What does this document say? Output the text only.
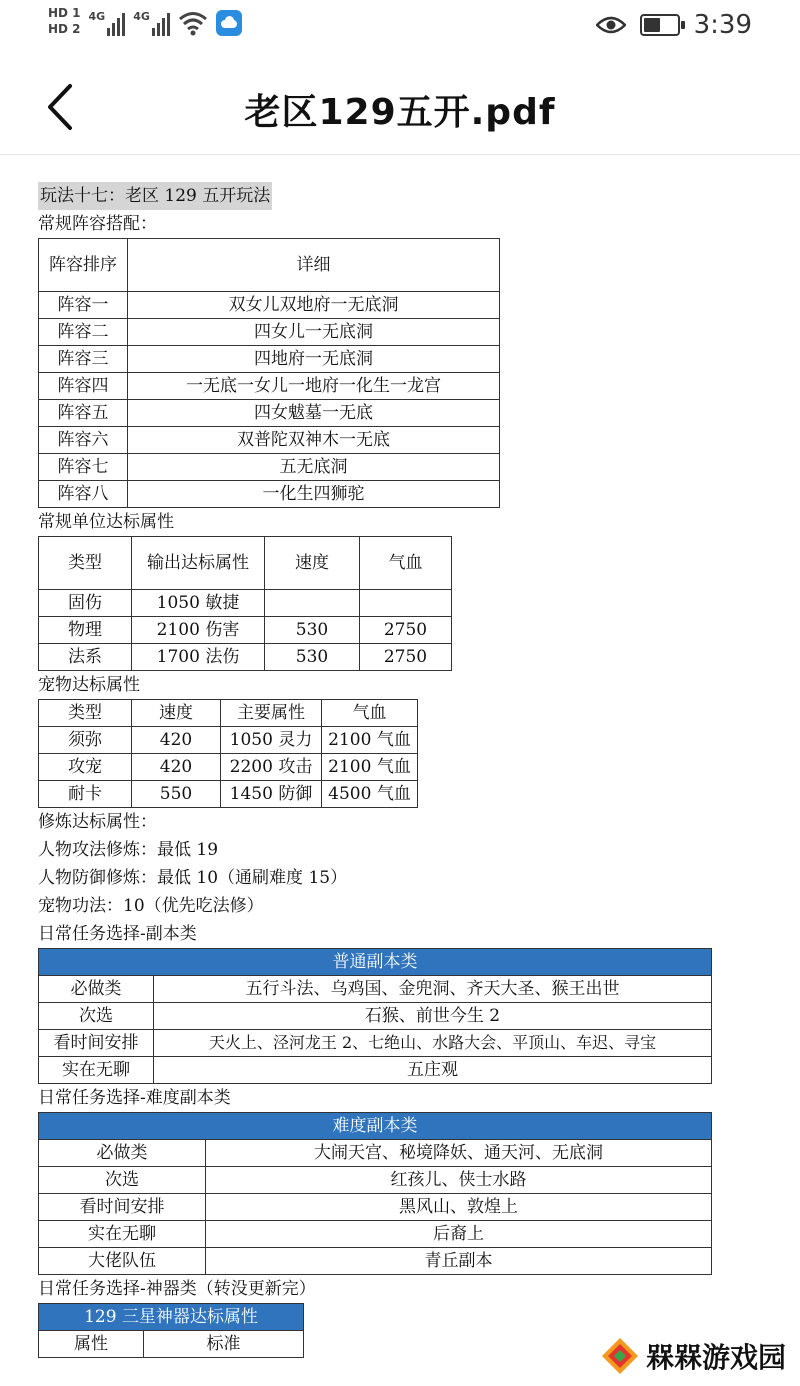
HD 1
HD 2
4G	4G	3:39
老区129五开.pdf
玩法十七：老区 129 五开玩法
常规阵容搭配：
阵容排序	详细
阵容一	双女儿双地府一无底洞
阵容二	四女儿一无底洞
阵容三	四地府一无底洞
阵容四	一无底一女儿一地府一化生一龙宫
阵容五	四女魃墓一无底
阵容六	双普陀双神木一无底
阵容七	五无底洞
阵容八	一化生四狮驼
常规单位达标属性
类型	输出达标属性	速度	气血
固伤	1050 敏捷		
物理	2100 伤害	530	2750
法系	1700 法伤	530	2750
宠物达标属性
类型	速度	主要属性	气血
须弥	420	1050 灵力	2100 气血
攻宠	420	2200 攻击	2100 气血
耐卡	550	1450 防御	4500 气血
修炼达标属性：
人物攻法修炼：最低 19
人物防御修炼：最低 10（通刷难度 15）
宠物功法：10（优先吃法修）
日常任务选择-副本类
普通副本类	
必做类	五行斗法、乌鸡国、金兜洞、齐天大圣、猴王出世
次选	石猴、前世今生 2
看时间安排	天火上、泾河龙王 2、七绝山、水路大会、平顶山、车迟、寻宝
实在无聊	五庄观
日常任务选择-难度副本类
难度副本类	
必做类	大闹天宫、秘境降妖、通天河、无底洞
次选	红孩儿、侠士水路
看时间安排	黑风山、敦煌上
实在无聊	后裔上
大佬队伍	青丘副本
日常任务选择-神器类（转没更新完）
129 三星神器达标属性
属性	标准	槑槑游戏园
